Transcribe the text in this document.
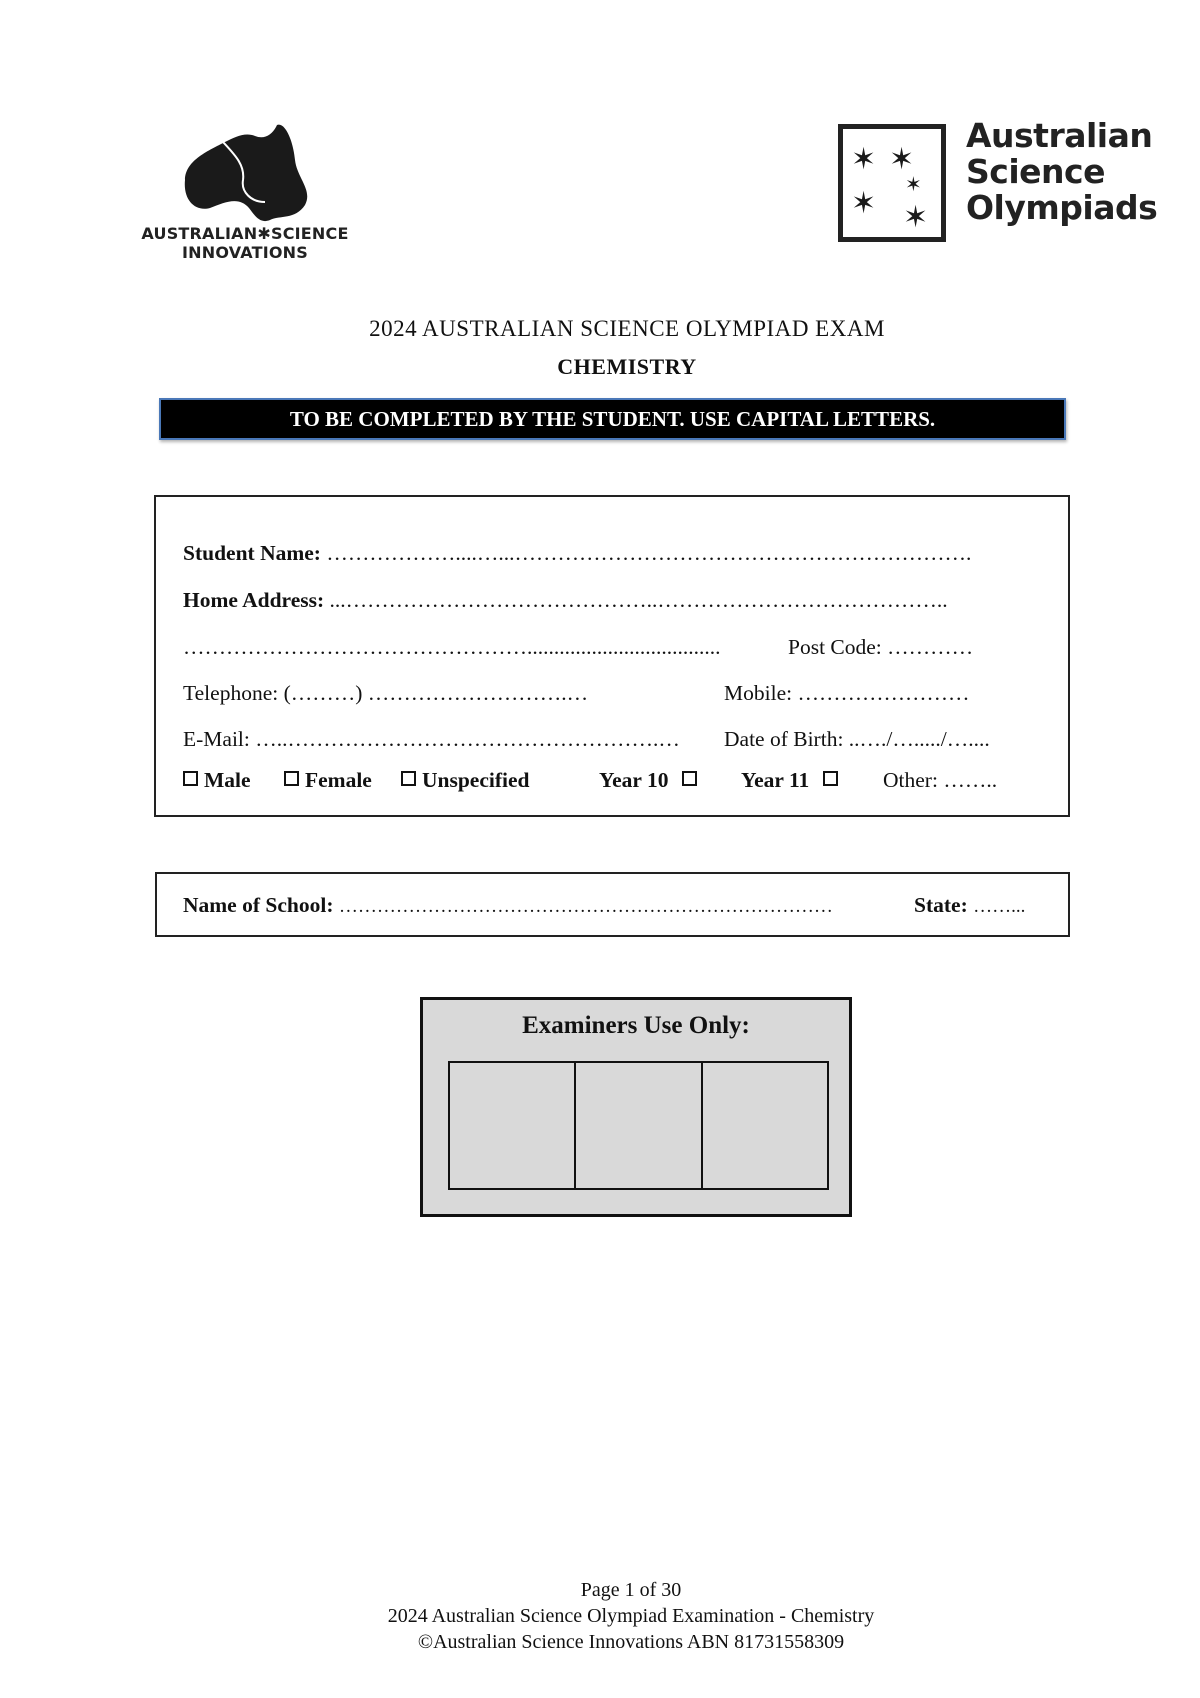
AUSTRALIAN✱SCIENCE
INNOVATIONS
✶ ✶
✶
✶ ✶
Australian
Science
Olympiads
2024 AUSTRALIAN SCIENCE OLYMPIAD EXAM
CHEMISTRY
TO BE COMPLETED BY THE STUDENT. USE CAPITAL LETTERS.
Student Name: ………………....…...……………………………………………………….
Home Address: ...……………………………………..…………………………………..
…………………………………………....................................	Post Code: …………
Telephone: (………) ……………………….…	Mobile: ……………………
E-Mail: …..…………………………………………….… Date of Birth: ..…./…...../…....
Male	Female	Unspecified	Year 10	Year 11	Other: ……..
Name of School: ……………………………………………………………………	State: ……...
Examiners Use Only:
Page 1 of 30
2024 Australian Science Olympiad Examination - Chemistry
©Australian Science Innovations ABN 81731558309
